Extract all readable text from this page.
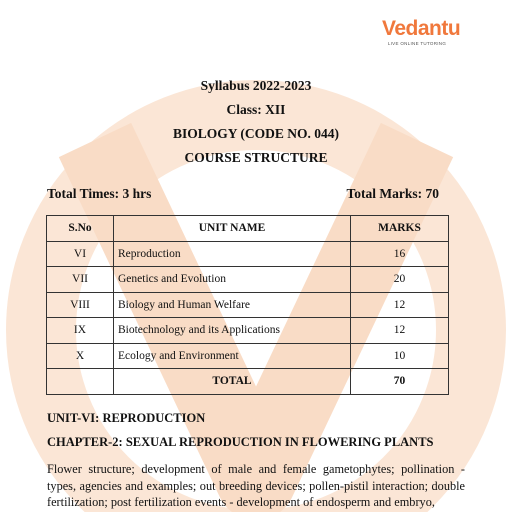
Vedantu
LIVE ONLINE TUTORING
Syllabus 2022-2023
Class: XII
BIOLOGY (CODE NO. 044)
COURSE STRUCTURE
Total Times: 3 hrs	Total Marks: 70
S.No	UNIT NAME	MARKS
VI	Reproduction	16
VII	Genetics and Evolution	20
VIII	Biology and Human Welfare	12
IX	Biotechnology and its Applications	12
X	Ecology and Environment	10
	TOTAL	70
UNIT-VI: REPRODUCTION
CHAPTER-2: SEXUAL REPRODUCTION IN FLOWERING PLANTS
Flower structure; development of male and female gametophytes; pollination - types, agencies and examples; out breeding devices; pollen-pistil interaction; double fertilization; post fertilization events - development of endosperm and embryo,
